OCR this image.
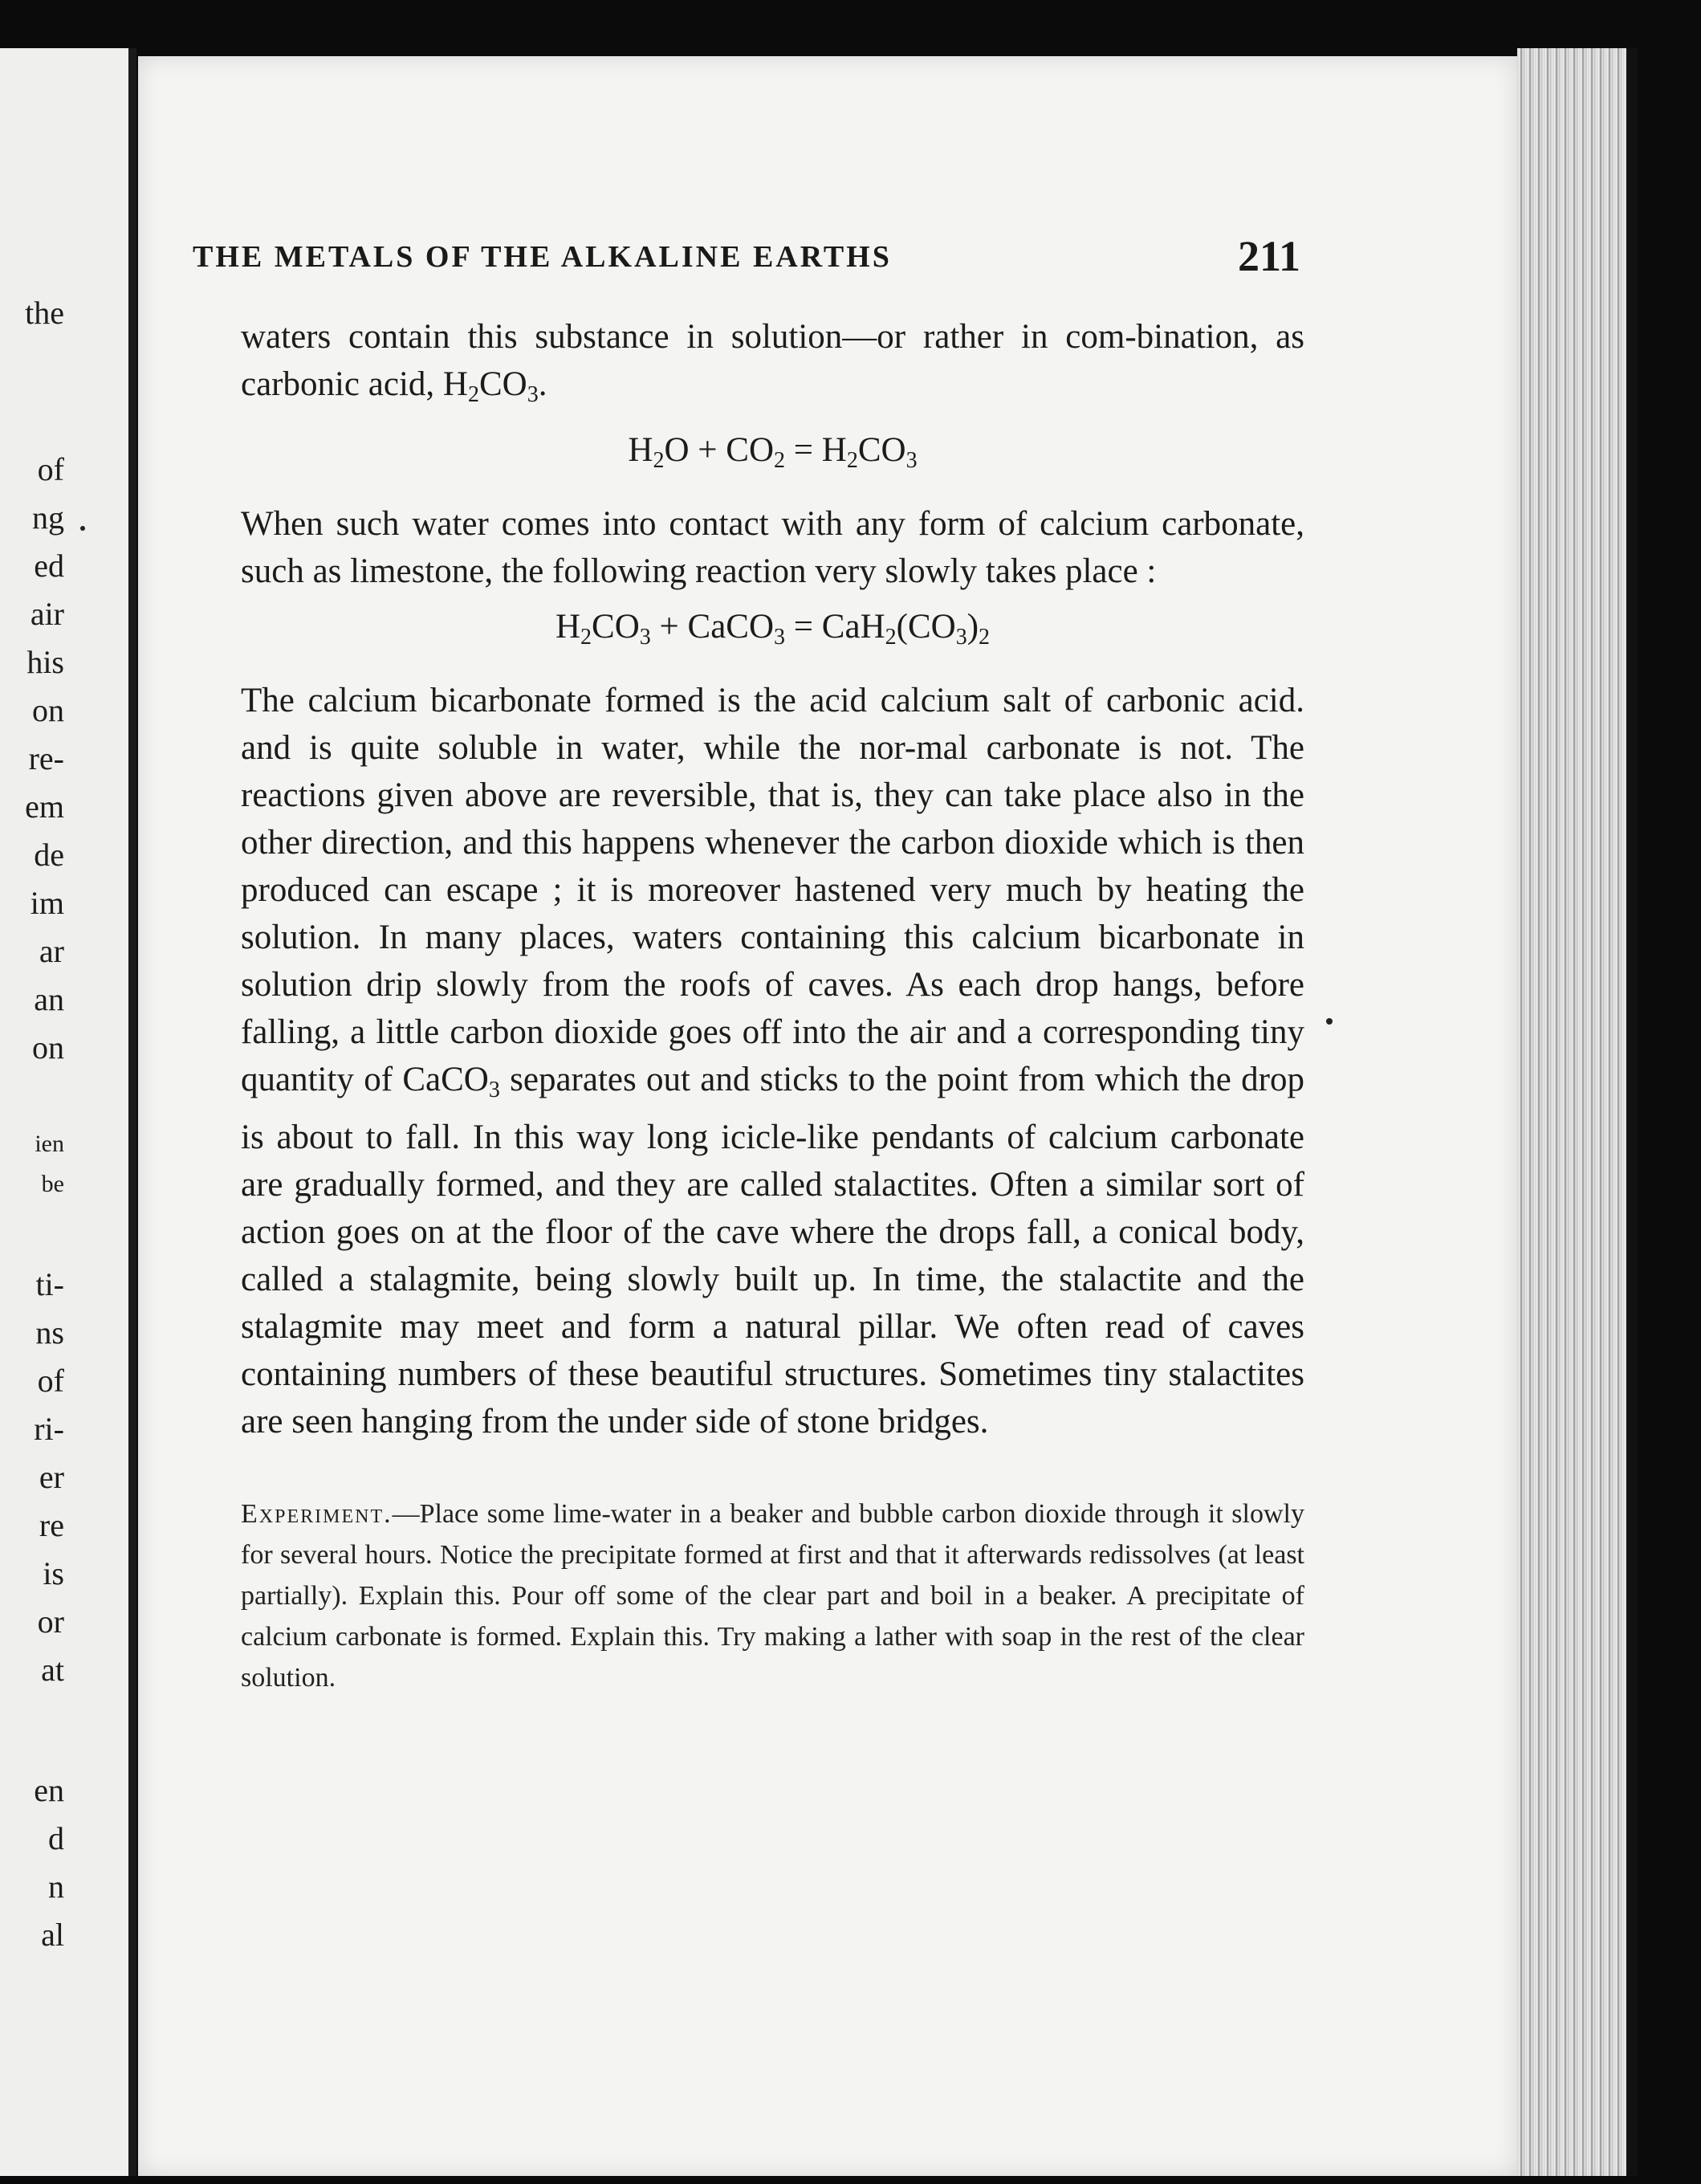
the
of
ng
ed
air
his
on
re-
em
de
im
ar
an
on
ien
be
ti-
ns
of
ri-
er
re
is
or
at
en
d
n
al
THE METALS OF THE ALKALINE EARTHS	211

waters contain this substance in solution—or rather in com-bination, as carbonic acid, $H_2CO_3$.

$H_2O + CO_2 = H_2CO_3$

When such water comes into contact with any form of calcium carbonate, such as limestone, the following reaction very slowly takes place :

$H_2CO_3$ + CaCO$_3$ = $CaH_2(CO_3)_2$

The calcium bicarbonate formed is the acid calcium salt of carbonic acid. and is quite soluble in water, while the nor-mal carbonate is not. The reactions given above are reversible, that is, they can take place also in the other direction, and this happens whenever the carbon dioxide which is then produced can escape ; it is moreover hastened very much by heating the solution. In many places, waters containing this calcium bicarbonate in solution drip slowly from the roofs of caves. As each drop hangs, before falling, a little carbon dioxide goes off into the air and a corresponding tiny quantity of CaCO$_3$ separates out and sticks to the point from which the drop is about to fall. In this way long icicle-like pendants of calcium carbonate are gradually formed, and they are called stalactites. Often a similar sort of action goes on at the floor of the cave where the drops fall, a conical body, called a stalagmite, being slowly built up. In time, the stalactite and the stalagmite may meet and form a natural pillar. We often read of caves containing numbers of these beautiful structures. Sometimes tiny stalactites are seen hanging from the under side of stone bridges.

Experiment.—Place some lime-water in a beaker and bubble carbon dioxide through it slowly for several hours. Notice the precipitate formed at first and that it afterwards redissolves (at least partially). Explain this. Pour off some of the clear part and boil in a beaker. A precipitate of calcium carbonate is formed. Explain this. Try making a lather with soap in the rest of the clear solution.
